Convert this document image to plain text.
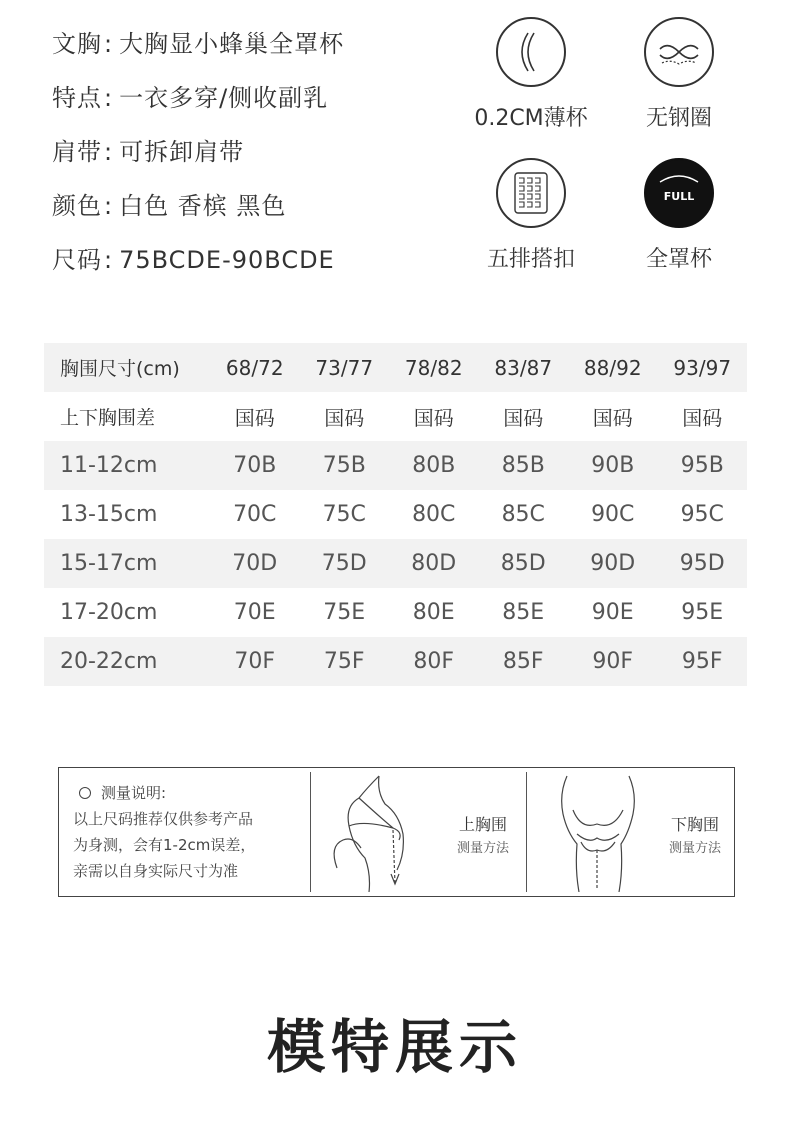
文胸: 大胸显小蜂巢全罩杯
特点: 一衣多穿/侧收副乳
肩带: 可拆卸肩带
颜色: 白色 香槟 黑色
尺码: 75BCDE-90BCDE
0.2CM薄杯	无钢圈
五排搭扣
FULL
全罩杯
胸围尺寸(cm)	68/72	73/77	78/82	83/87	88/92	93/97
上下胸围差	国码	国码	国码	国码	国码	国码
11-12cm	70B	75B	80B	85B	90B	95B
13-15cm	70C	75C	80C	85C	90C	95C
15-17cm	70D	75D	80D	85D	90D	95D
17-20cm	70E	75E	80E	85E	90E	95E
20-22cm	70F	75F	80F	85F	90F	95F
测量说明:
以上尺码推荐仅供参考产品
为身测，会有1-2cm误差，
亲需以自身实际尺寸为准
上胸围
测量方法
下胸围
测量方法
模特展示
